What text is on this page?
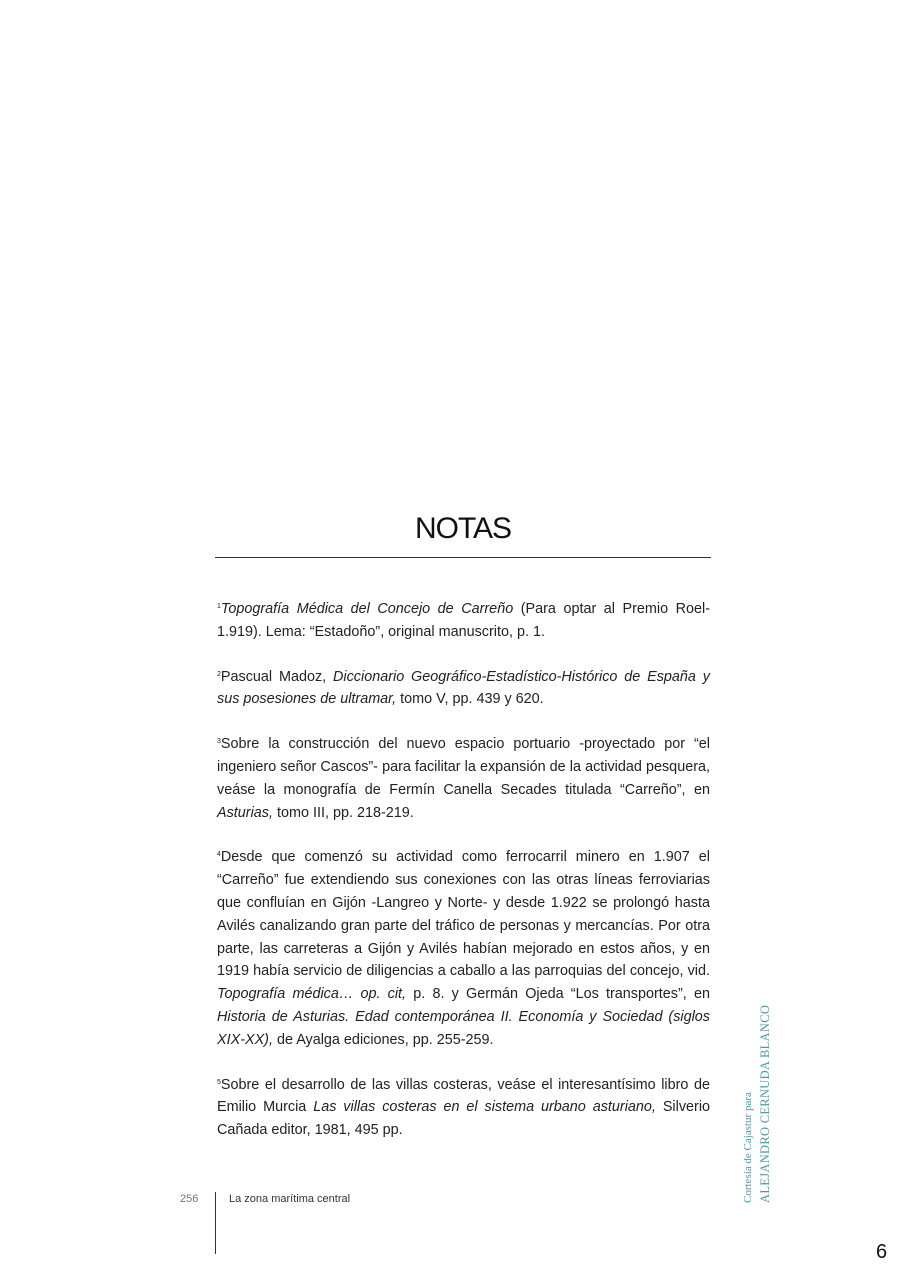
NOTAS

$^1$Topografía Médica del Concejo de Carreño (Para optar al Premio Roel-1.919). Lema: “Estadoño”, original manuscrito, p. 1.

$^2$Pascual Madoz, Diccionario Geográfico-Estadístico-Histórico de España y sus posesiones de ultramar, tomo V, pp. 439 y 620.

$^3$Sobre la construcción del nuevo espacio portuario -proyectado por “el ingeniero señor Cascos”- para facilitar la expansión de la actividad pesquera, veáse la monografía de Fermín Canella Secades titulada “Carreño”, en Asturias, tomo III, pp. 218-219.

$^4$Desde que comenzó su actividad como ferrocarril minero en 1.907 el “Carreño” fue extendiendo sus conexiones con las otras líneas ferroviarias que confluían en Gijón -Langreo y Norte- y desde 1.922 se prolongó hasta Avilés canalizando gran parte del tráfico de personas y mercancías. Por otra parte, las carreteras a Gijón y Avilés habían mejorado en estos años, y en 1919 había servicio de diligencias a caballo a las parroquias del concejo, vid. Topografía médica… op. cit, p. 8. y Germán Ojeda “Los transportes”, en Historia de Asturias. Edad contemporánea II. Economía y Sociedad (siglos XIX-XX), de Ayalga ediciones, pp. 255-259.

$^5$Sobre el desarrollo de las villas costeras, veáse el interesantísimo libro de Emilio Murcia Las villas costeras en el sistema urbano asturiano, Silverio Cañada editor, 1981, 495 pp.

256	La zona marítima central	Cortesía de Cajastur para ALEJANDRO CERNUDA BLANCO
6
